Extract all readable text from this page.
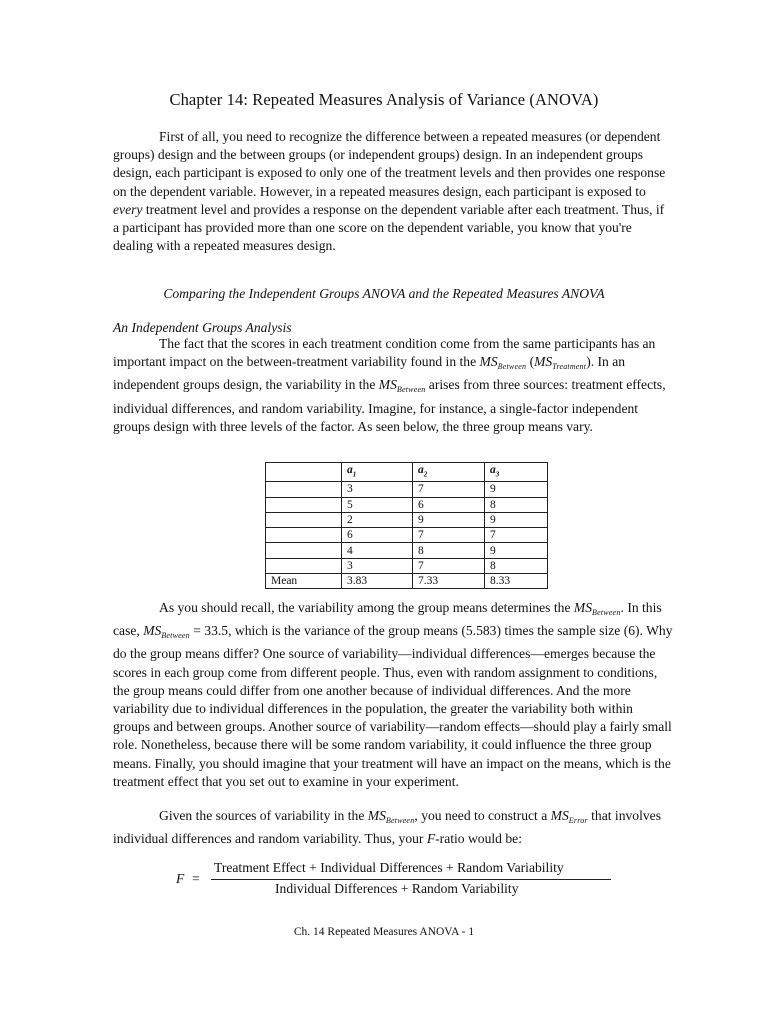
Chapter 14: Repeated Measures Analysis of Variance (ANOVA)

First of all, you need to recognize the difference between a repeated measures (or dependent groups) design and the between groups (or independent groups) design. In an independent groups design, each participant is exposed to only one of the treatment levels and then provides one response on the dependent variable. However, in a repeated measures design, each participant is exposed to every treatment level and provides a response on the dependent variable after each treatment. Thus, if a participant has provided more than one score on the dependent variable, you know that you're dealing with a repeated measures design.

Comparing the Independent Groups ANOVA and the Repeated Measures ANOVA
An Independent Groups Analysis

The fact that the scores in each treatment condition come from the same participants has an important impact on the between-treatment variability found in the $MS_{Between}$ $(MS_{Treatment})$. In an independent groups design, the variability in the $MS_{Between}$ arises from three sources: treatment effects, individual differences, and random variability. Imagine, for instance, a single-factor independent groups design with three levels of the factor. As seen below, the three group means vary.

	$a_1$	$a_2$	$a_3$
	3	7	9
	5	6	8
	2	9	9
	6	7	7
	4	8	9
	3	7	8
Mean	3.83	7.33	8.33

As you should recall, the variability among the group means determines the $MS_{Between}$. In this case, $MS_{Between} = 33.5$, which is the variance of the group means (5.583) times the sample size (6). Why do the group means differ? One source of variability—individual differences—emerges because the scores in each group come from different people. Thus, even with random assignment to conditions, the group means could differ from one another because of individual differences. And the more variability due to individual differences in the population, the greater the variability both within groups and between groups. Another source of variability—random effects—should play a fairly small role. Nonetheless, because there will be some random variability, it could influence the three group means. Finally, you should imagine that your treatment will have an impact on the means, which is the treatment effect that you set out to examine in your experiment.

Given the sources of variability in the $MS_{Between}$, you need to construct a $MS_{Error}$ that involves individual differences and random variability. Thus, your F-ratio would be:

F =
Treatment Effect + Individual Differences + Random Variability
Individual Differences + Random Variability
Ch. 14 Repeated Measures ANOVA - 1
